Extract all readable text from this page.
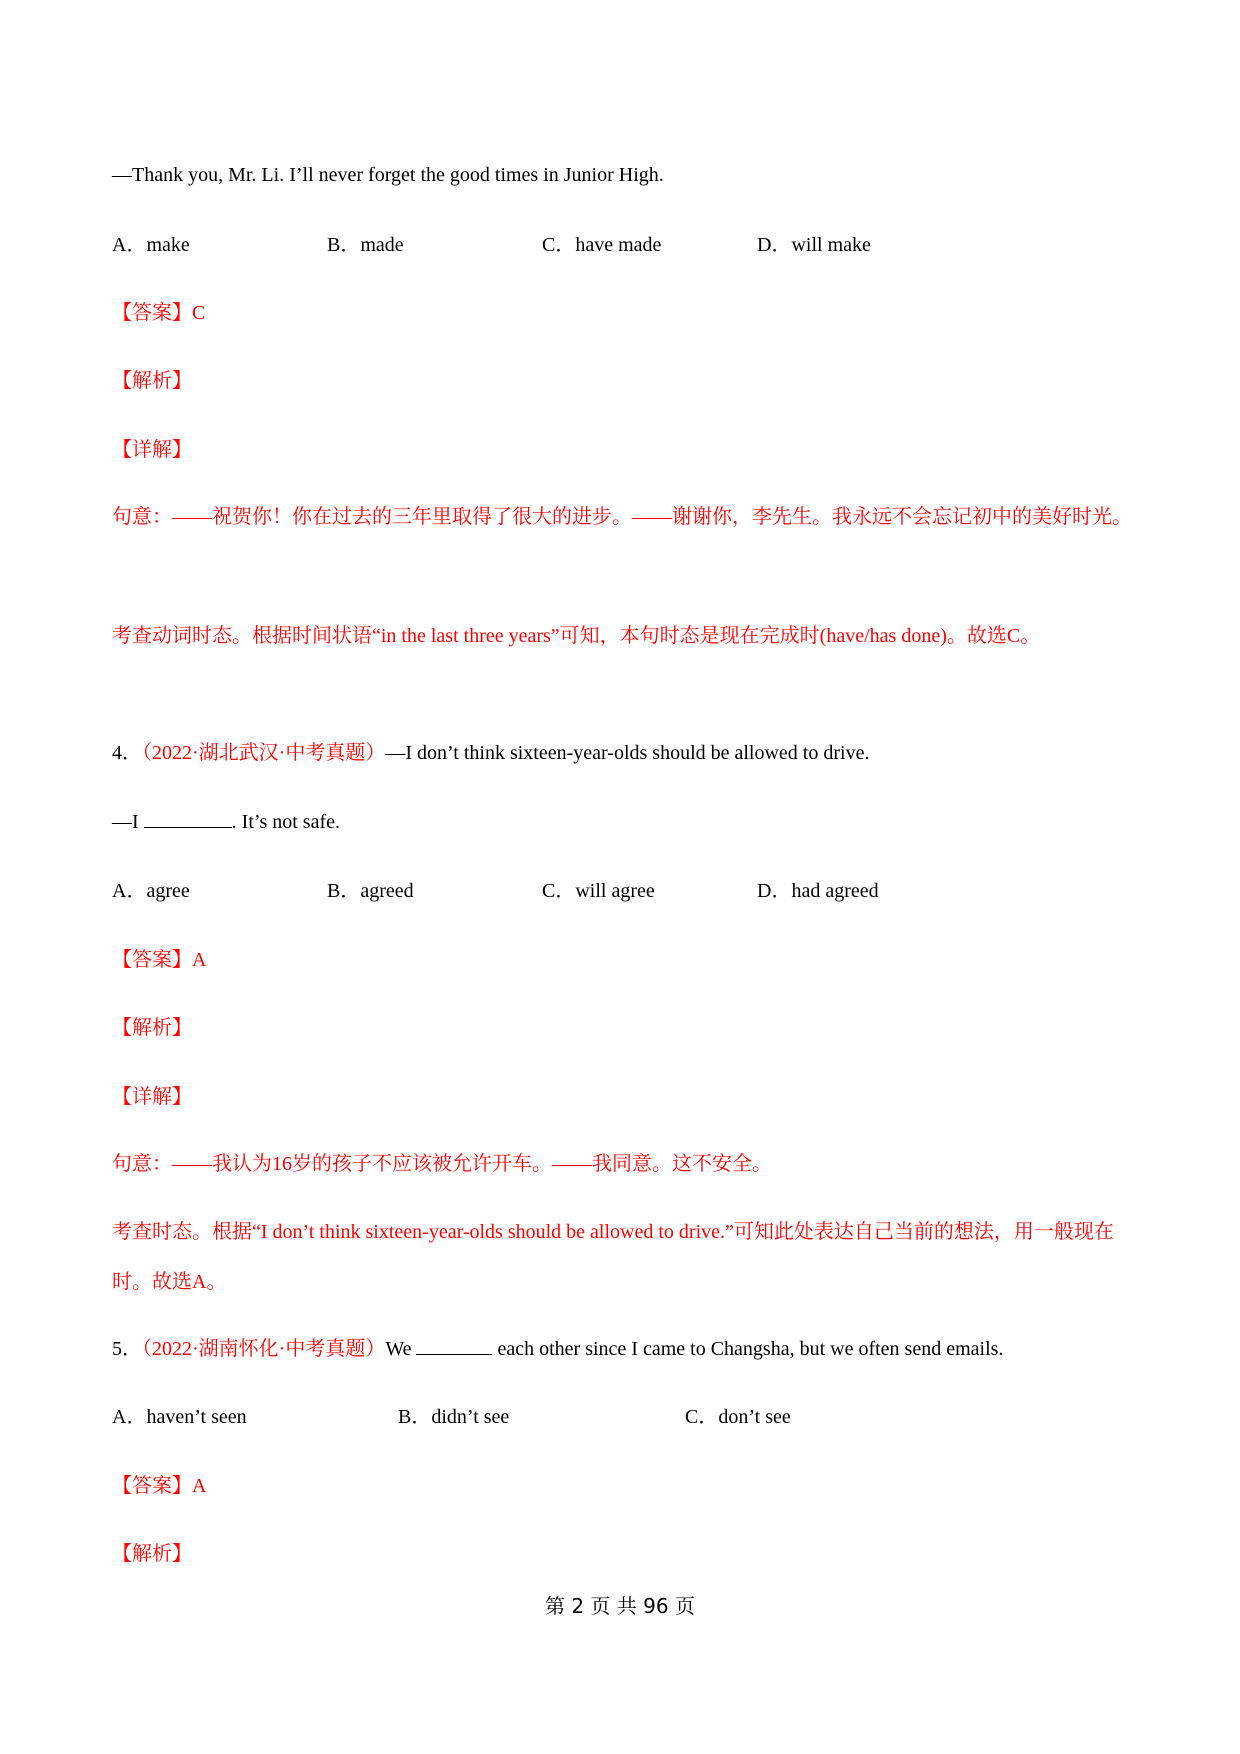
—Thank you, Mr. Li. I’ll never forget the good times in Junior High.
A．make	B．made	C．have made	D．will make
【答案】C
【解析】
【详解】
句意：——祝贺你！你在过去的三年里取得了很大的进步。——谢谢你，李先生。我永远不会忘记初中的美好时光。
考查动词时态。根据时间状语“in the last three years”可知，本句时态是现在完成时(have/has done)。故选C。
4．（2022·湖北武汉·中考真题）—I don’t think sixteen-year-olds should be allowed to drive.
—I	. It’s not safe.
A．agree	B．agreed	C．will agree	D．had agreed
【答案】A
【解析】
【详解】
句意：——我认为16岁的孩子不应该被允许开车。——我同意。这不安全。
考查时态。根据“I don’t think sixteen-year-olds should be allowed to drive.”可知此处表达自己当前的想法，用一般现在时。故选A。
5．（2022·湖南怀化·中考真题）We	each other since I came to Changsha, but we often send emails.
A．haven’t seen	B．didn’t see	C．don’t see
【答案】A
【解析】
第 2 页 共 96 页
